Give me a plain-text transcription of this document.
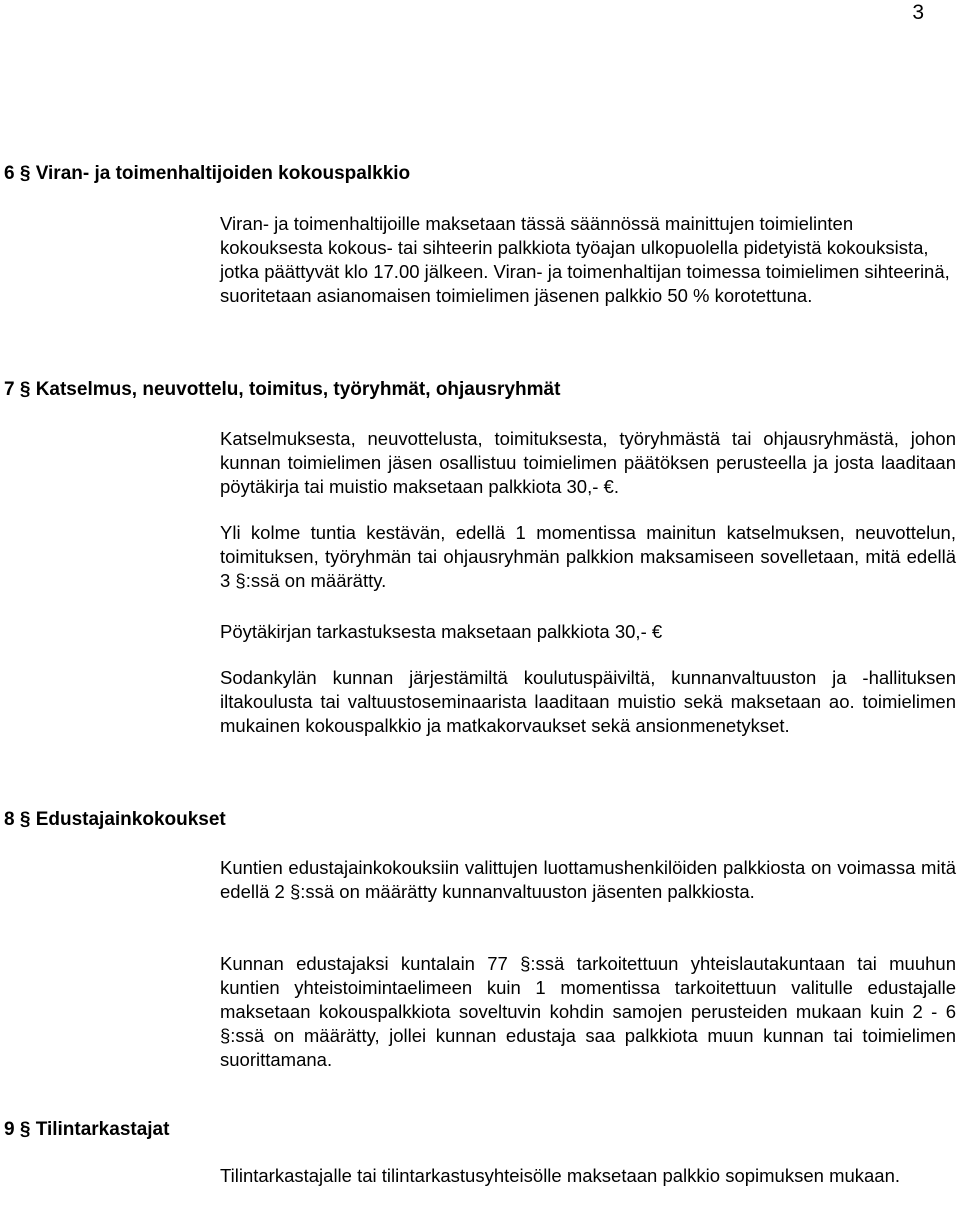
3
6 § Viran- ja toimenhaltijoiden kokouspalkkio

Viran- ja toimenhaltijoille maksetaan tässä säännössä mainittujen toimielinten kokouksesta kokous- tai sihteerin palkkiota työajan ulkopuolella pidetyistä kokouksista, jotka päättyvät klo 17.00 jälkeen. Viran- ja toimenhaltijan toimessa toimielimen sihteerinä, suoritetaan asianomaisen toimielimen jäsenen palkkio 50 % korotettuna.

7 § Katselmus, neuvottelu, toimitus, työryhmät, ohjausryhmät

Katselmuksesta, neuvottelusta, toimituksesta, työryhmästä tai ohjausryhmästä, johon kunnan toimielimen jäsen osallistuu toimielimen päätöksen perusteella ja josta laaditaan pöytäkirja tai muistio maksetaan palkkiota 30,- €.

Yli kolme tuntia kestävän, edellä 1 momentissa mainitun katselmuksen, neuvottelun, toimituksen, työryhmän tai ohjausryhmän palkkion maksamiseen sovelletaan, mitä edellä 3 §:ssä on määrätty.

Pöytäkirjan tarkastuksesta maksetaan palkkiota 30,- €

Sodankylän kunnan järjestämiltä koulutuspäiviltä, kunnanvaltuuston ja -hallituksen iltakoulusta tai valtuustoseminaarista laaditaan muistio sekä maksetaan ao. toimielimen mukainen kokouspalkkio ja matkakorvaukset sekä ansionmenetykset.

8 § Edustajainkokoukset

Kuntien edustajainkokouksiin valittujen luottamushenkilöiden palkkiosta on voimassa mitä edellä 2 §:ssä on määrätty kunnanvaltuuston jäsenten palkkiosta.

Kunnan edustajaksi kuntalain 77 §:ssä tarkoitettuun yhteislautakuntaan tai muuhun kuntien yhteistoimintaelimeen kuin 1 momentissa tarkoitettuun valitulle edustajalle maksetaan kokouspalkkiota soveltuvin kohdin samojen perusteiden mukaan kuin 2 - 6 §:ssä on määrätty, jollei kunnan edustaja saa palkkiota muun kunnan tai toimielimen suorittamana.

9 § Tilintarkastajat

Tilintarkastajalle tai tilintarkastusyhteisölle maksetaan palkkio sopimuksen mukaan.
